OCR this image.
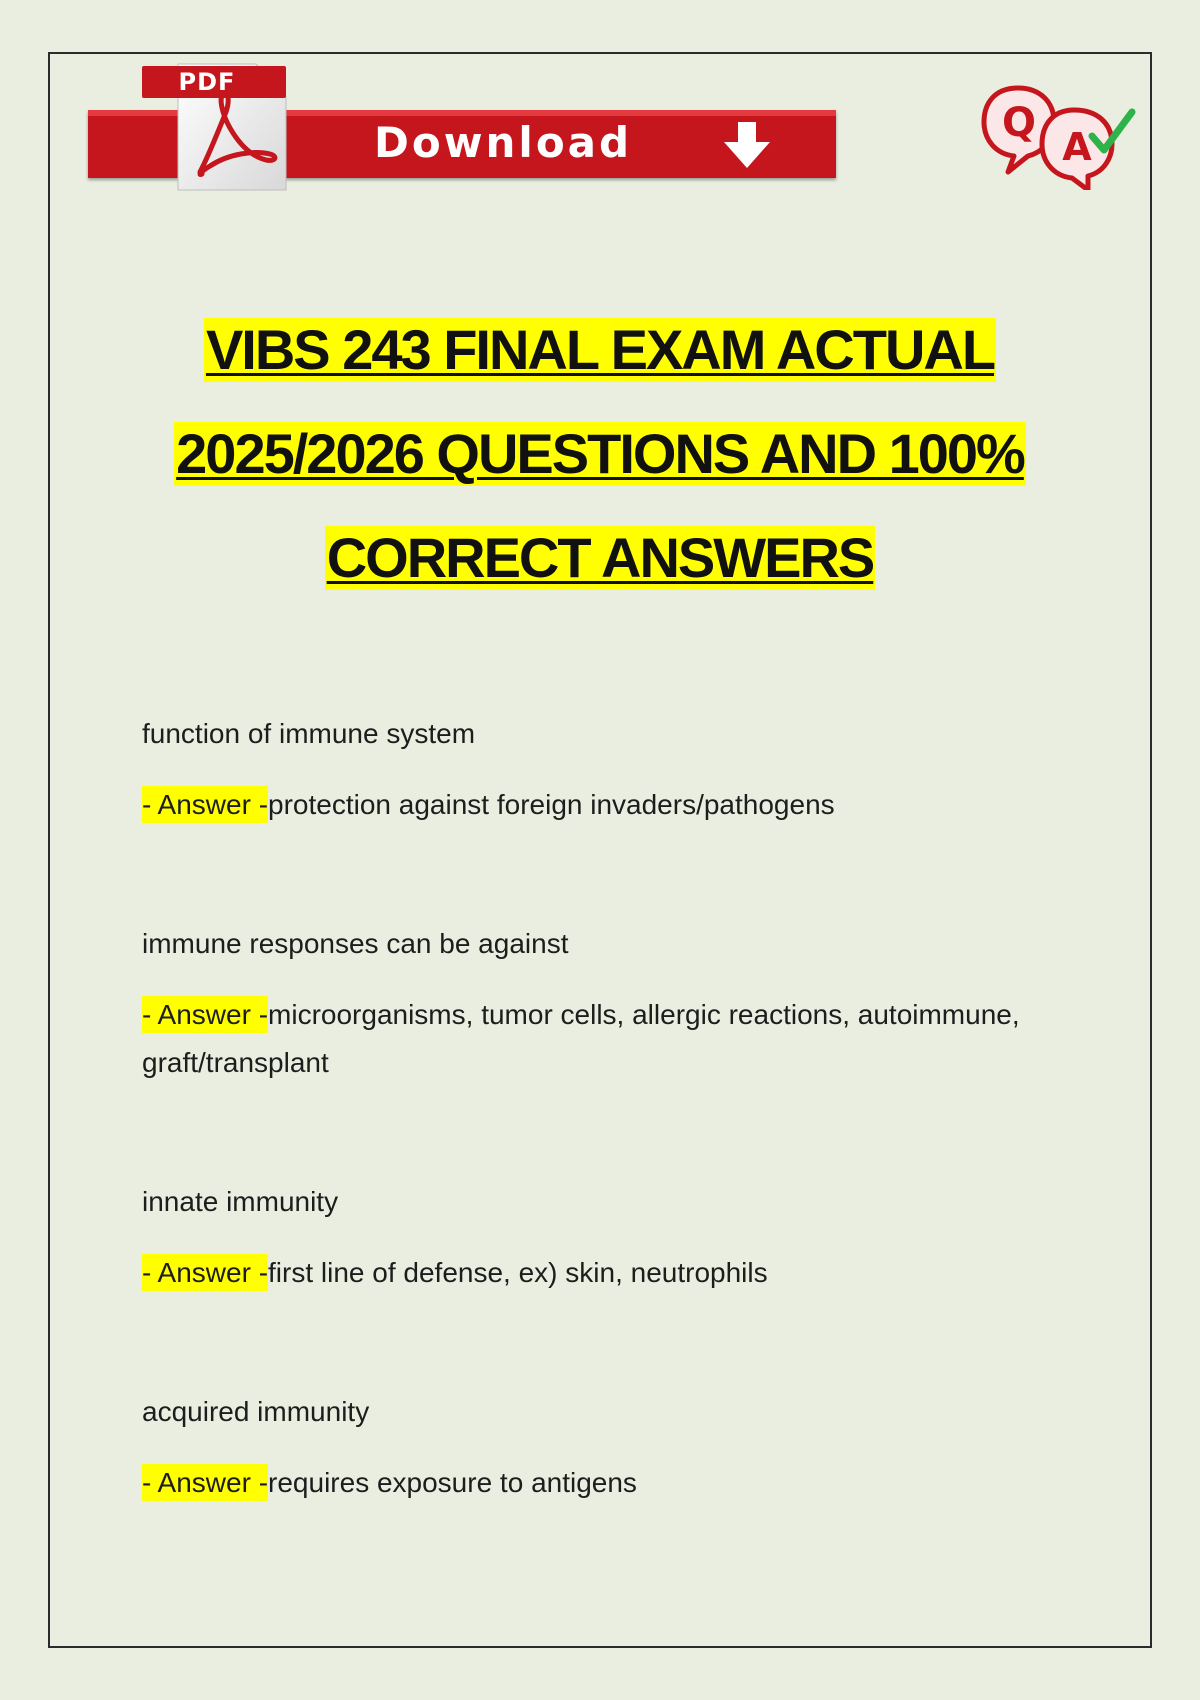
Download
PDF
Q
A
VIBS 243 FINAL EXAM ACTUAL
2025/2026 QUESTIONS AND 100%
CORRECT ANSWERS
function of immune system
- Answer -protection against foreign invaders/pathogens
immune responses can be against
- Answer -microorganisms, tumor cells, allergic reactions, autoimmune, graft/transplant
innate immunity
- Answer -first line of defense, ex) skin, neutrophils
acquired immunity
- Answer -requires exposure to antigens
